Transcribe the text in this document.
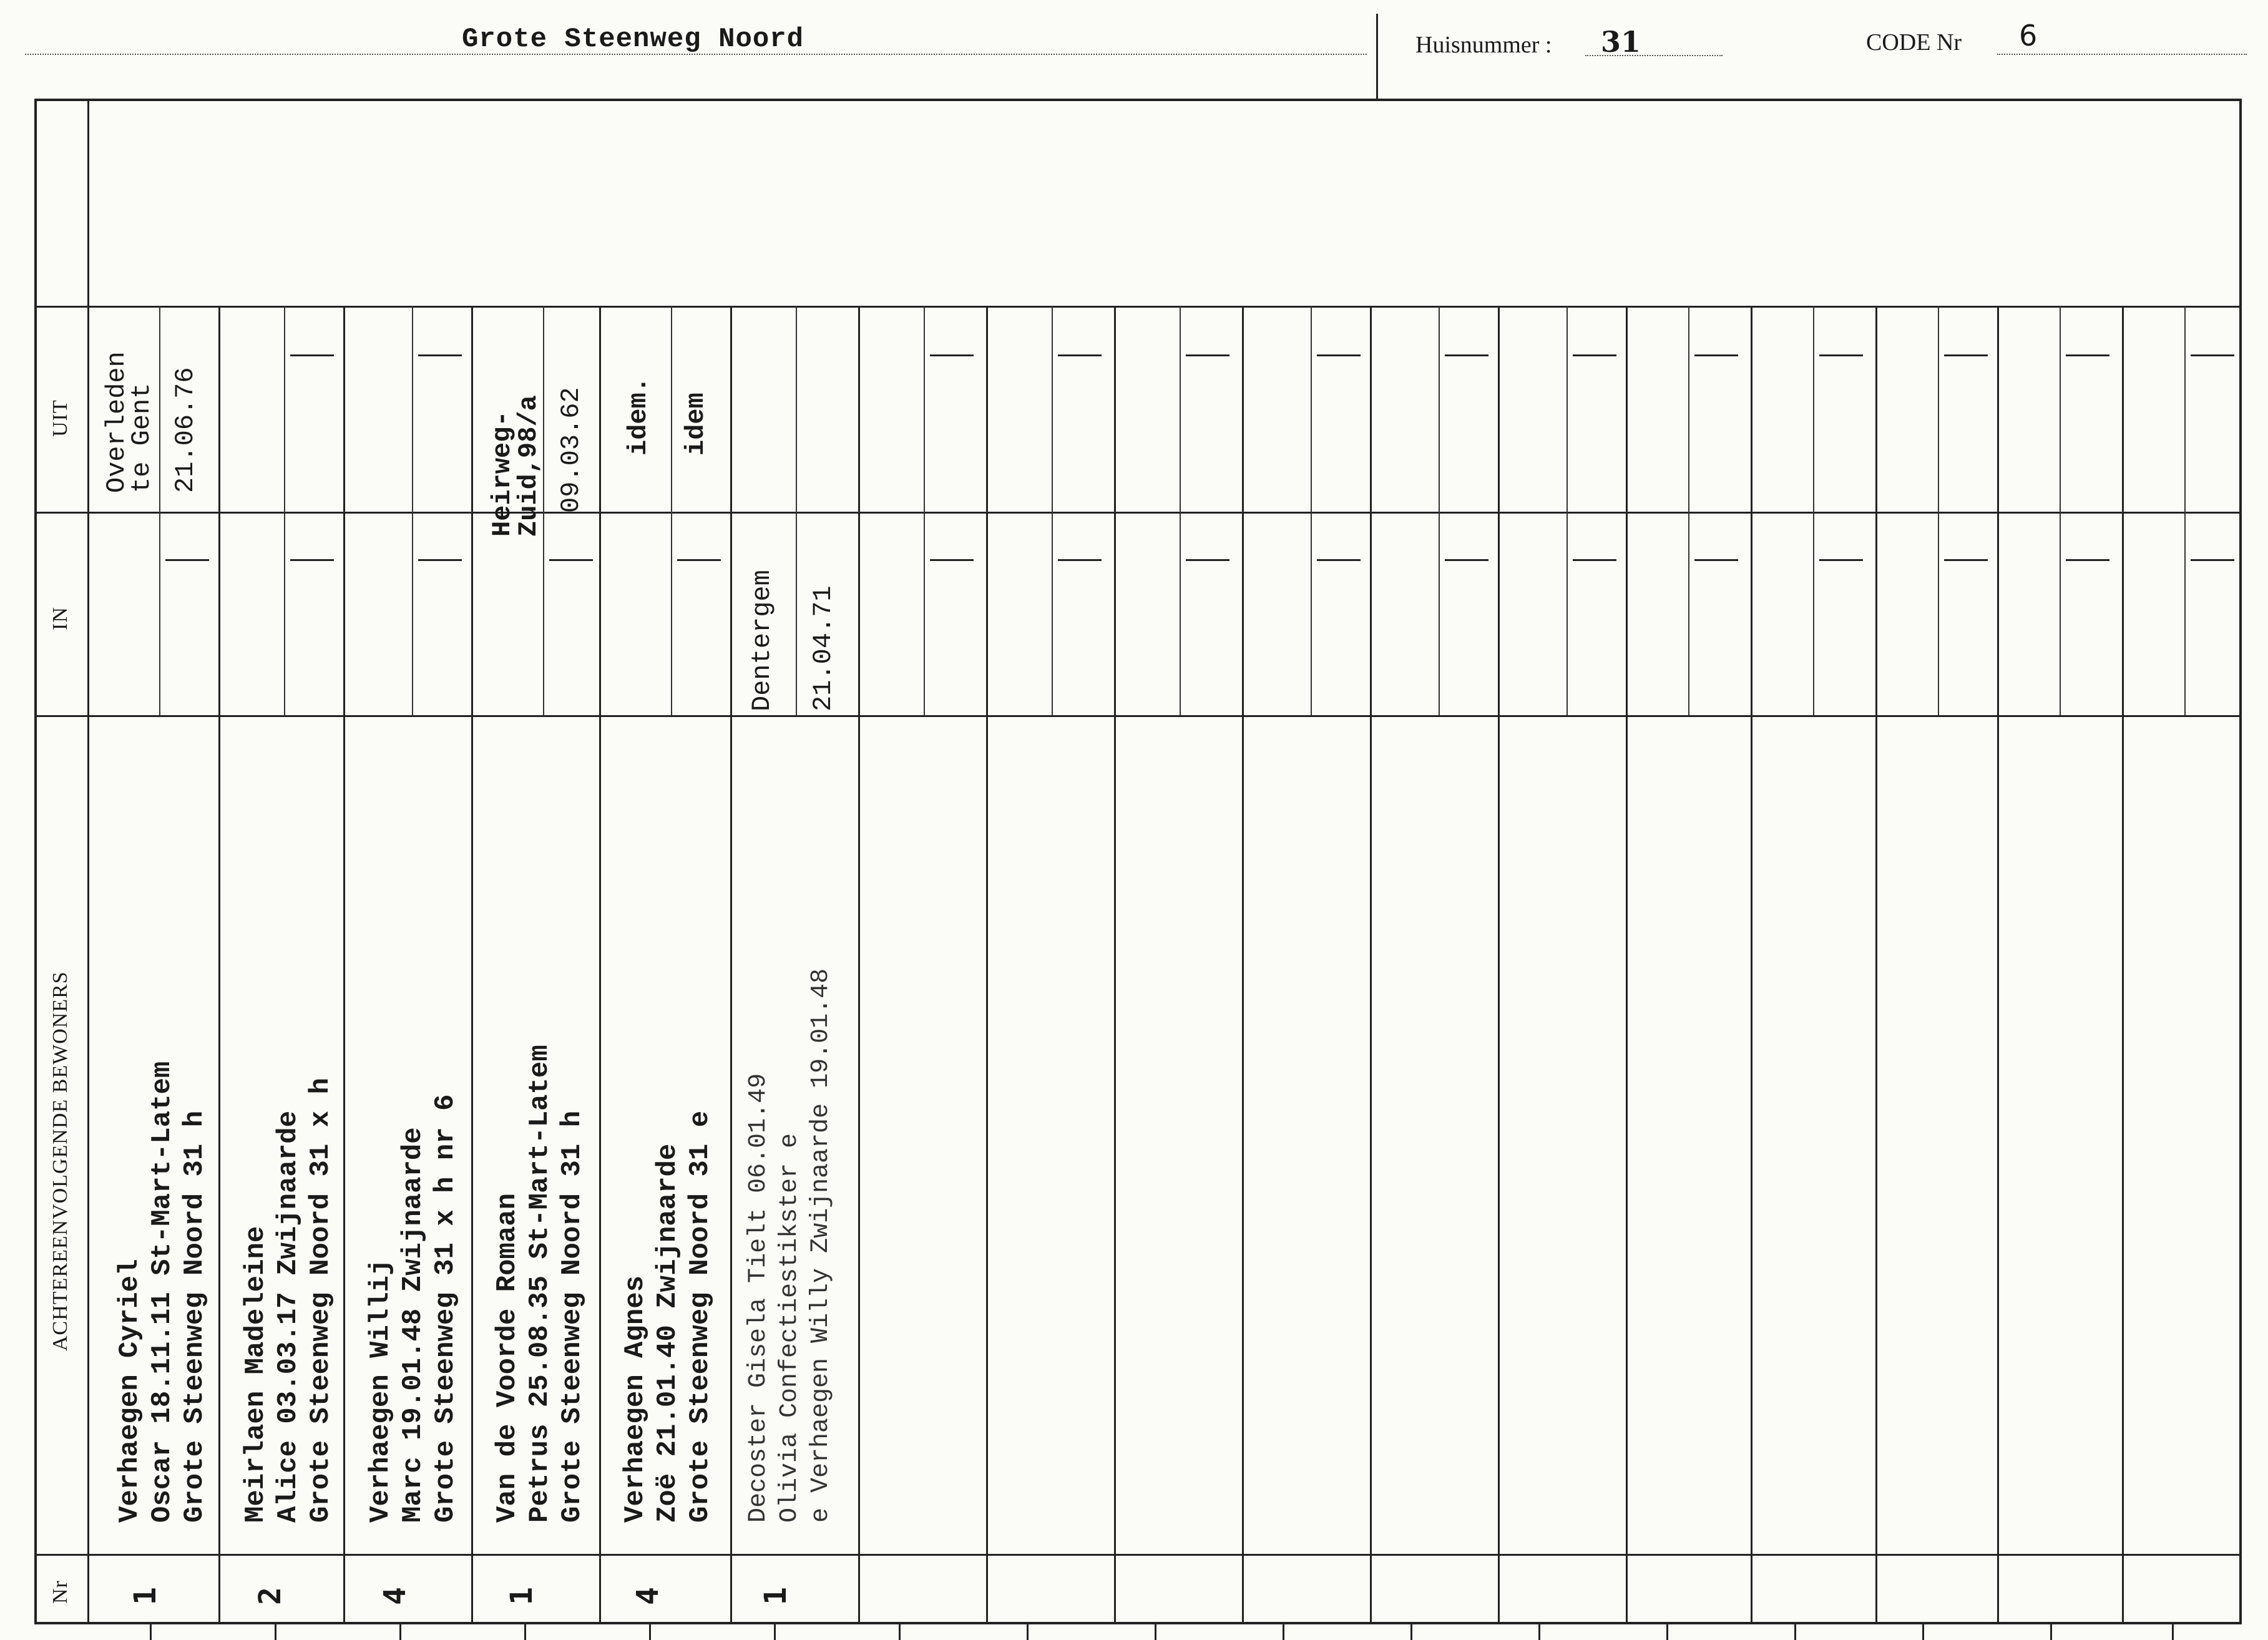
Grote Steenweg Noord	Huisnummer : 31	CODE Nr 6
UIT
IN
ACHTEREENVOLGENDE BEWONERS
Nr 1
Verhaegen Cyriel Oscar 18.11.11 St-Mart-Latem Grote Steenweg Noord 31 h
Overleden
te Gent 21.06.76
2
Meirlaen Madeleine Alice 03.03.17 Zwijnaarde Grote Steenweg Noord 31 x h
4
Verhaegen Willij Marc 19.01.48 Zwijnaarde Grote Steenweg 31 x h nr 6
1
Van de Voorde Romaan Petrus 25.08.35 St-Mart-Latem Grote Steenweg Noord 31 h
Heirweg-
Zuid,98/a 09.03.62
4
Verhaegen Agnes Zoë 21.01.40 Zwijnaarde Grote Steenweg Noord 31 e
idem. idem
1
Decoster Gisela Tielt 06.01.49 Olivia Confectiestikster e e Verhaegen Willy Zwijnaarde 19.01.48
Dentergem 21.04.71
